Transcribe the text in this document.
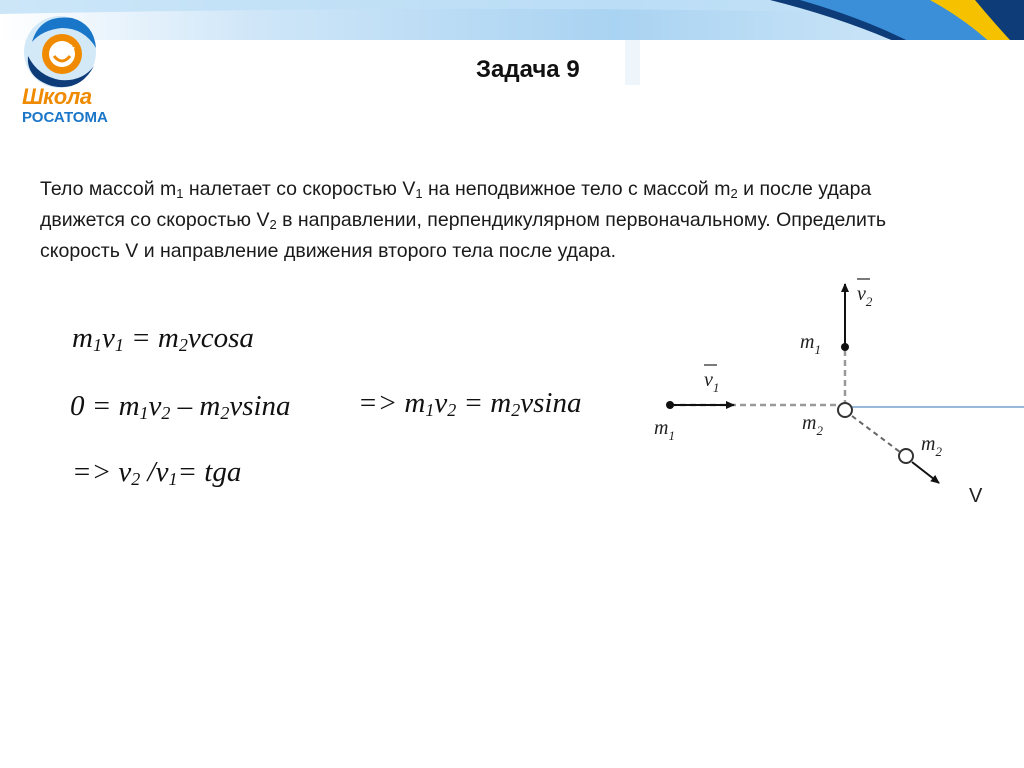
+
Школа
РОСАТОМА
Задача 9
Тело массой $m_1$ налетает со скоростью $V_1$ на неподвижное тело с массой $m_2$ и после удара движется со скоростью $V_2$ в направлении, перпендикулярном первоначальному. Определить скорость V и направление движения второго тела после удара.
$m_1v_1 = m_2vcosa$
$0 = m_1v_2 - m_2vsina => m_1v_2 = m_2vsina$
=> $v_2$ $/v_1=$ tga
$v_2$
$m_1$
$v_1$
$m_1$
$m_2$
$m_2$
V
